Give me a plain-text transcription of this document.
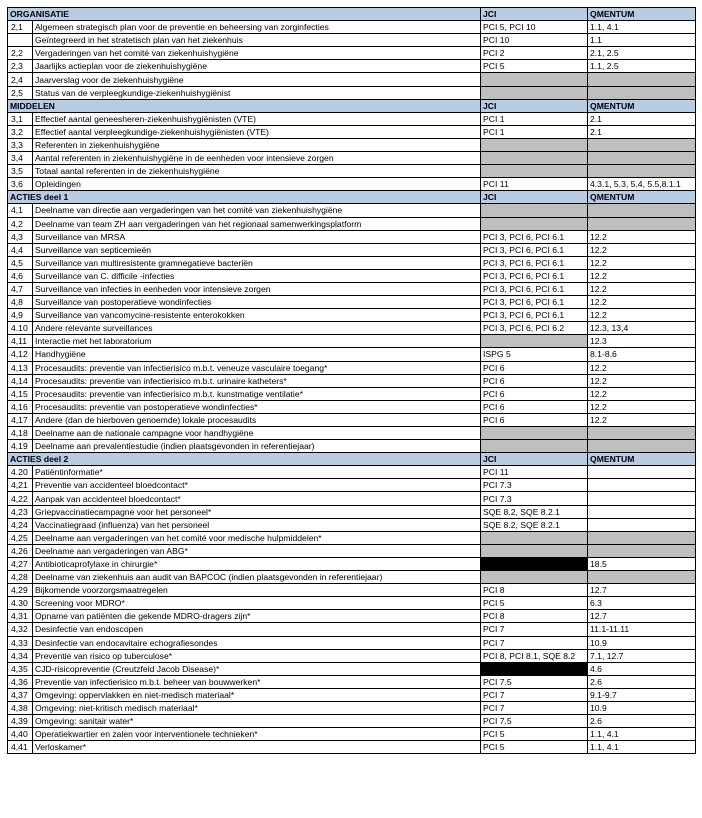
ORGANISATIE		JCI	QMENTUM
2,1	Algemeen strategisch plan voor de preventie en beheersing van zorginfecties	PCI 5, PCI 10	1.1, 4.1
	Geïntegreerd in het stratetisch plan van het ziekenhuis	PCI 10	1.1
2,2	Vergaderingen van het comité van ziekenhuishygiëne	PCI 2	2.1, 2.5
2,3	Jaarlijks actieplan voor de ziekenhuishygiëne	PCI 5	1.1, 2.5
2,4	Jaarverslag voor de ziekenhuishygiëne		
2,5	Status van de verpleegkundige-ziekenhuishygiënist		
MIDDELEN		JCI	QMENTUM
3,1	Effectief aantal geneesheren-ziekenhuishygiënisten (VTE)	PCI 1	2.1
3,2	Effectief aantal verpleegkundige-ziekenhuishygiënisten (VTE)	PCI 1	2.1
3,3	Referenten in ziekenhuishygiëne		
3,4	Aantal referenten in ziekenhuishygiëne in de eenheden voor intensieve zorgen		
3,5	Totaal aantal referenten in de ziekenhuishygiëne		
3,6	Opleidingen	PCI 11	4.3.1, 5.3, 5.4, 5.5,8.1.1
ACTIES deel 1		JCI	QMENTUM
4,1	Deelname van directie aan vergaderingen van het comité van ziekenhuishygiëne		
4,2	Deelname van team ZH aan vergaderingen van het regionaal samenwerkingsplatform		
4,3	Surveillance van MRSA	PCI 3, PCI 6, PCI 6.1	12.2
4,4	Surveillance van septicemieën	PCI 3, PCI 6, PCI 6.1	12.2
4,5	Surveillance van multiresistente gramnegatieve bacteriën	PCI 3, PCI 6, PCI 6.1	12.2
4,6	Surveillance van C. difficile -infecties	PCI 3, PCI 6, PCI 6.1	12.2
4,7	Surveillance van infecties in eenheden voor intensieve zorgen	PCI 3, PCI 6, PCI 6.1	12.2
4,8	Surveillance van postoperatieve wondinfecties	PCI 3, PCI 6, PCI 6.1	12.2
4,9	Surveillance van vancomycine-resistente enterokokken	PCI 3, PCI 6, PCI 6.1	12.2
4.10	Andere relevante surveillances	PCI 3, PCI 6, PCI 6.2	12.3, 13,4
4,11	Interactie met het laboratorium		12.3
4,12	Handhygiëne	ISPG 5	8.1-8.6
4,13	Procesaudits: preventie van infectierisico m.b.t. veneuze vasculaire toegang*	PCI 6	12.2
4,14	Procesaudits: preventie van infectierisico m.b.t. urinaire katheters*	PCI 6	12.2
4,15	Procesaudits: preventie van infectierisico m.b.t. kunstmatige ventilatie*	PCI 6	12.2
4,16	Procesaudits: preventie van postoperatieve wondinfecties*	PCI 6	12.2
4,17	Andere (dan de hierboven genoemde) lokale procesaudits	PCI 6	12.2
4,18	Deelname aan de nationale campagne voor handhygiëne		
4,19	Deelname aan prevalentiestudie (indien plaatsgevonden in referentiejaar)		
ACTIES deel 2		JCI	QMENTUM
4.20	Patiëntinformatie*	PCI 11	
4,21	Preventie van accidenteel bloedcontact*	PCI 7.3	
4,22	Aanpak van accidenteel bloedcontact*	PCI 7.3	
4,23	Griepvaccinatiecampagne voor het personeel*	SQE 8.2, SQE 8.2.1	
4,24	Vaccinatiegraad (influenza) van het personeel	SQE 8.2, SQE 8.2.1	
4,25	Deelname aan vergaderingen van het comité voor medische hulpmiddelen*		
4,26	Deelname aan vergaderingen van ABG*		
4,27	Antibioticaprofylaxe in chirurgie*		18.5
4,28	Deelname van ziekenhuis aan audit van BAPCOC (indien plaatsgevonden in referentiejaar)		
4,29	Bijkomende voorzorgsmaatregelen	PCI 8	12.7
4.30	Screening voor MDRO*	PCI 5	6.3
4,31	Opname van patiënten die gekende MDRO-dragers zijn*	PCI 8	12.7
4,32	Desinfectie van endoscopen	PCI 7	11.1-11.11
4,33	Desinfectie van endocavitaire echografiesondes	PCI 7	10.9
4,34	Preventie van risico op tuberculose*	PCI 8, PCI 8.1, SQE 8.2	7.1, 12.7
4,35	CJD-risicopreventie (Creutzfeld Jacob Disease)*		4.6
4,36	Preventie van infectierisico m.b.t. beheer van bouwwerken*	PCI 7.5	2.6
4,37	Omgeving: oppervlakken en niet-medisch materiaal*	PCI 7	9.1-9.7
4,38	Omgeving: niet-kritisch medisch materiaal*	PCI 7	10.9
4,39	Omgeving: sanitair water*	PCI 7.5	2.6
4,40	Operatiekwartier en zalen voor interventionele technieken*	PCI 5	1.1, 4.1
4,41	Verloskamer*	PCI 5	1.1, 4.1
